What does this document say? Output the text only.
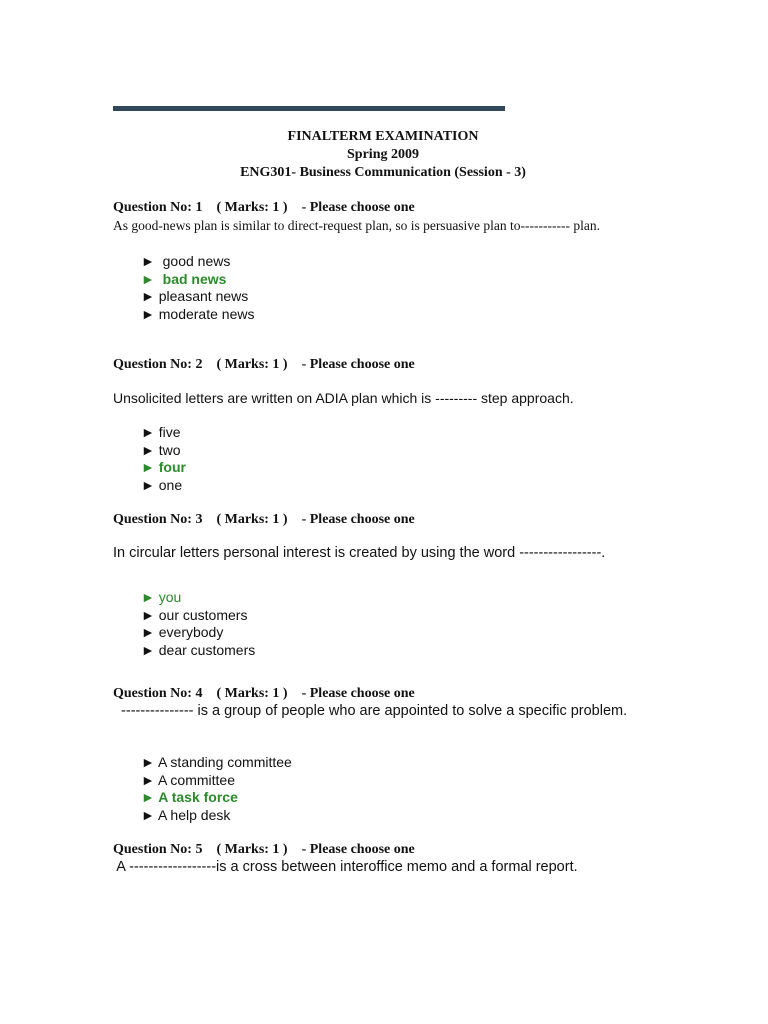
FINALTERM EXAMINATION
Spring 2009
ENG301- Business Communication (Session - 3)
Question No: 1    ( Marks: 1 )    - Please choose one
As good-news plan is similar to direct-request plan, so is persuasive plan to----------- plan.
►  good news
►  bad news
► pleasant news
► moderate news
Question No: 2    ( Marks: 1 )    - Please choose one
Unsolicited letters are written on ADIA plan which is --------- step approach.
► five
► two
► four
► one
Question No: 3    ( Marks: 1 )    - Please choose one
In circular letters personal interest is created by using the word -----------------.
► you
► our customers
► everybody
► dear customers
Question No: 4    ( Marks: 1 )    - Please choose one
--------------- is a group of people who are appointed to solve a specific problem.
► A standing committee
► A committee
► A task force
► A help desk
Question No: 5    ( Marks: 1 )    - Please choose one
A ------------------is a cross between interoffice memo and a formal report.
